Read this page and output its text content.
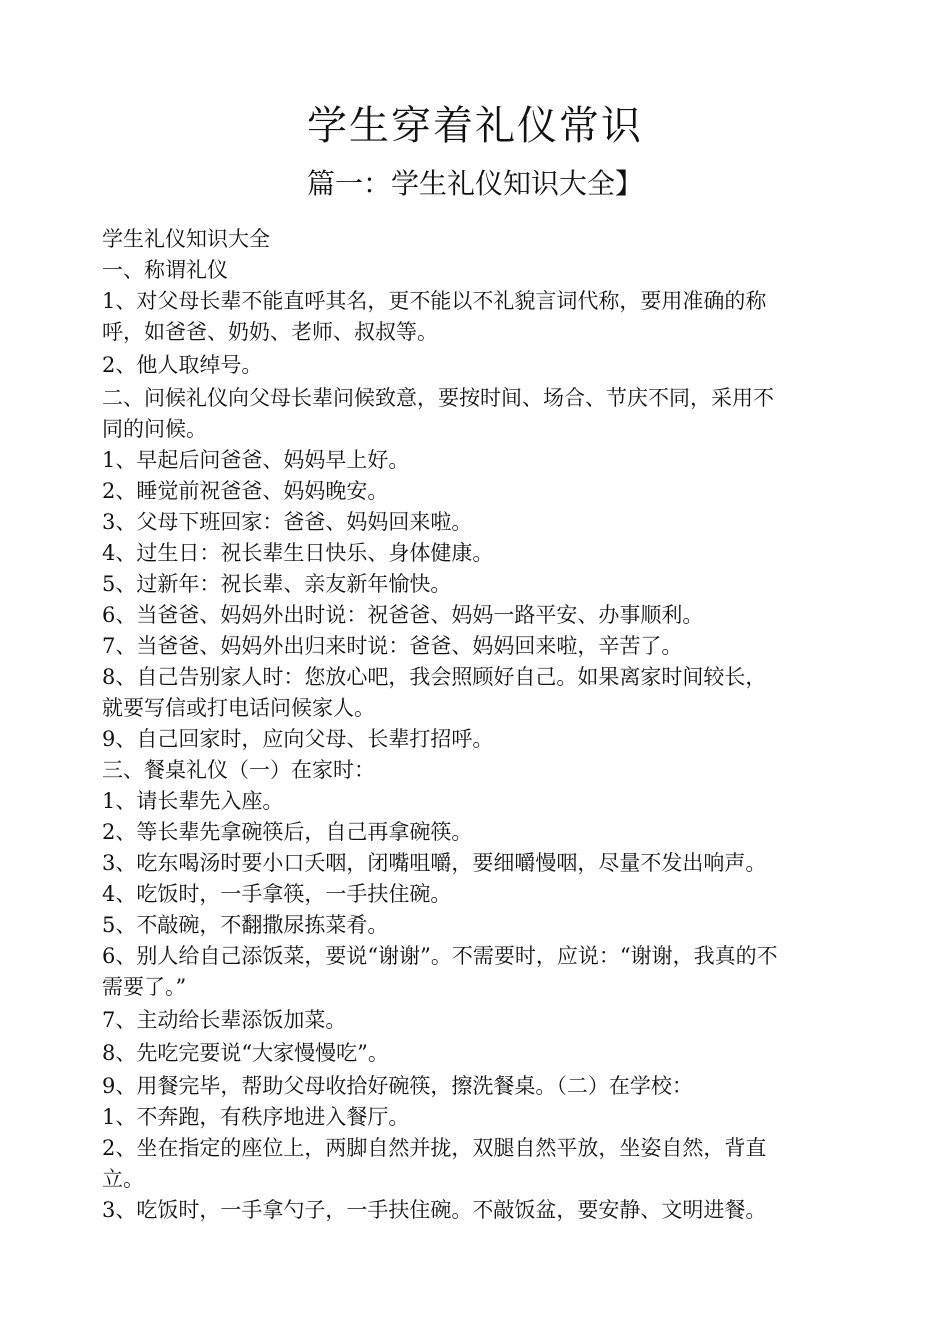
学生穿着礼仪常识
篇一：学生礼仪知识大全】

学生礼仪知识大全

一、称谓礼仪

1、对父母长辈不能直呼其名，更不能以不礼貌言词代称，要用准确的称

呼，如爸爸、奶奶、老师、叔叔等。

2、他人取绰号。

二、问候礼仪向父母长辈问候致意，要按时间、场合、节庆不同，采用不

同的问候。

1、早起后问爸爸、妈妈早上好。

2、睡觉前祝爸爸、妈妈晚安。

3、父母下班回家：爸爸、妈妈回来啦。

4、过生日：祝长辈生日快乐、身体健康。

5、过新年：祝长辈、亲友新年愉快。

6、当爸爸、妈妈外出时说：祝爸爸、妈妈一路平安、办事顺利。

7、当爸爸、妈妈外出归来时说：爸爸、妈妈回来啦，辛苦了。

8、自己告别家人时：您放心吧，我会照顾好自己。如果离家时间较长，

就要写信或打电话问候家人。

9、自己回家时，应向父母、长辈打招呼。

三、餐桌礼仪（一）在家时：

1、请长辈先入座。

2、等长辈先拿碗筷后，自己再拿碗筷。

3、吃东喝汤时要小口夭咽，闭嘴咀嚼，要细嚼慢咽，尽量不发出响声。

4、吃饭时，一手拿筷，一手扶住碗。

5、不敲碗，不翻撒尿拣菜肴。

6、别人给自己添饭菜，要说“谢谢”。不需要时，应说：“谢谢，我真的不

需要了。”

7、主动给长辈添饭加菜。

8、先吃完要说“大家慢慢吃”。

9、用餐完毕，帮助父母收拾好碗筷，擦洗餐桌。（二）在学校：

1、不奔跑，有秩序地进入餐厅。

2、坐在指定的座位上，两脚自然并拢，双腿自然平放，坐姿自然，背直

立。

3、吃饭时，一手拿勺子，一手扶住碗。不敲饭盆，要安静、文明进餐。
